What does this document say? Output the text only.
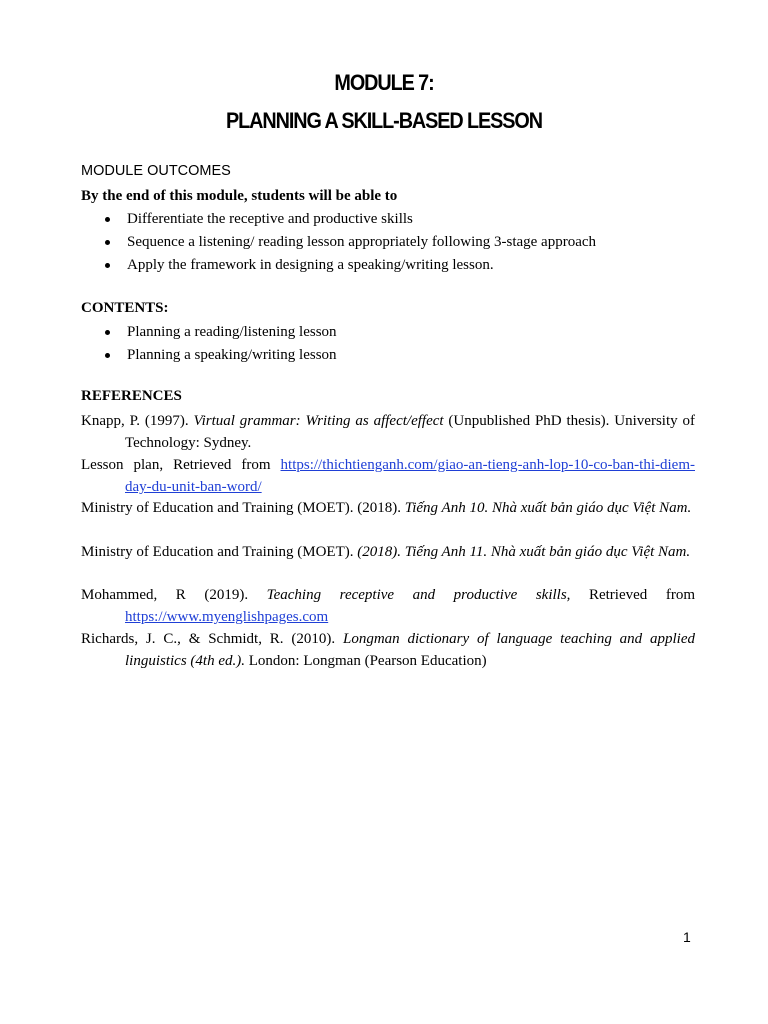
MODULE 7:
PLANNING A SKILL-BASED LESSON
MODULE OUTCOMES
By the end of this module, students will be able to
Differentiate the receptive and productive skills
Sequence a listening/ reading lesson appropriately following 3-stage approach
Apply the framework in designing a speaking/writing lesson.
CONTENTS:
Planning a reading/listening lesson
Planning a speaking/writing lesson
REFERENCES
Knapp, P. (1997). Virtual grammar: Writing as affect/effect (Unpublished PhD thesis). University of Technology: Sydney.
Lesson plan, Retrieved from https://thichtienganh.com/giao-an-tieng-anh-lop-10-co-ban-thi-diem-day-du-unit-ban-word/
Ministry of Education and Training (MOET). (2018). Tiếng Anh 10. Nhà xuất bản giáo dục Việt Nam.
Ministry of Education and Training (MOET). (2018). Tiếng Anh 11. Nhà xuất bản giáo dục Việt Nam.
Mohammed, R (2019). Teaching receptive and productive skills, Retrieved from https://www.myenglishpages.com
Richards, J. C., & Schmidt, R. (2010). Longman dictionary of language teaching and applied linguistics (4th ed.). London: Longman (Pearson Education)
1
